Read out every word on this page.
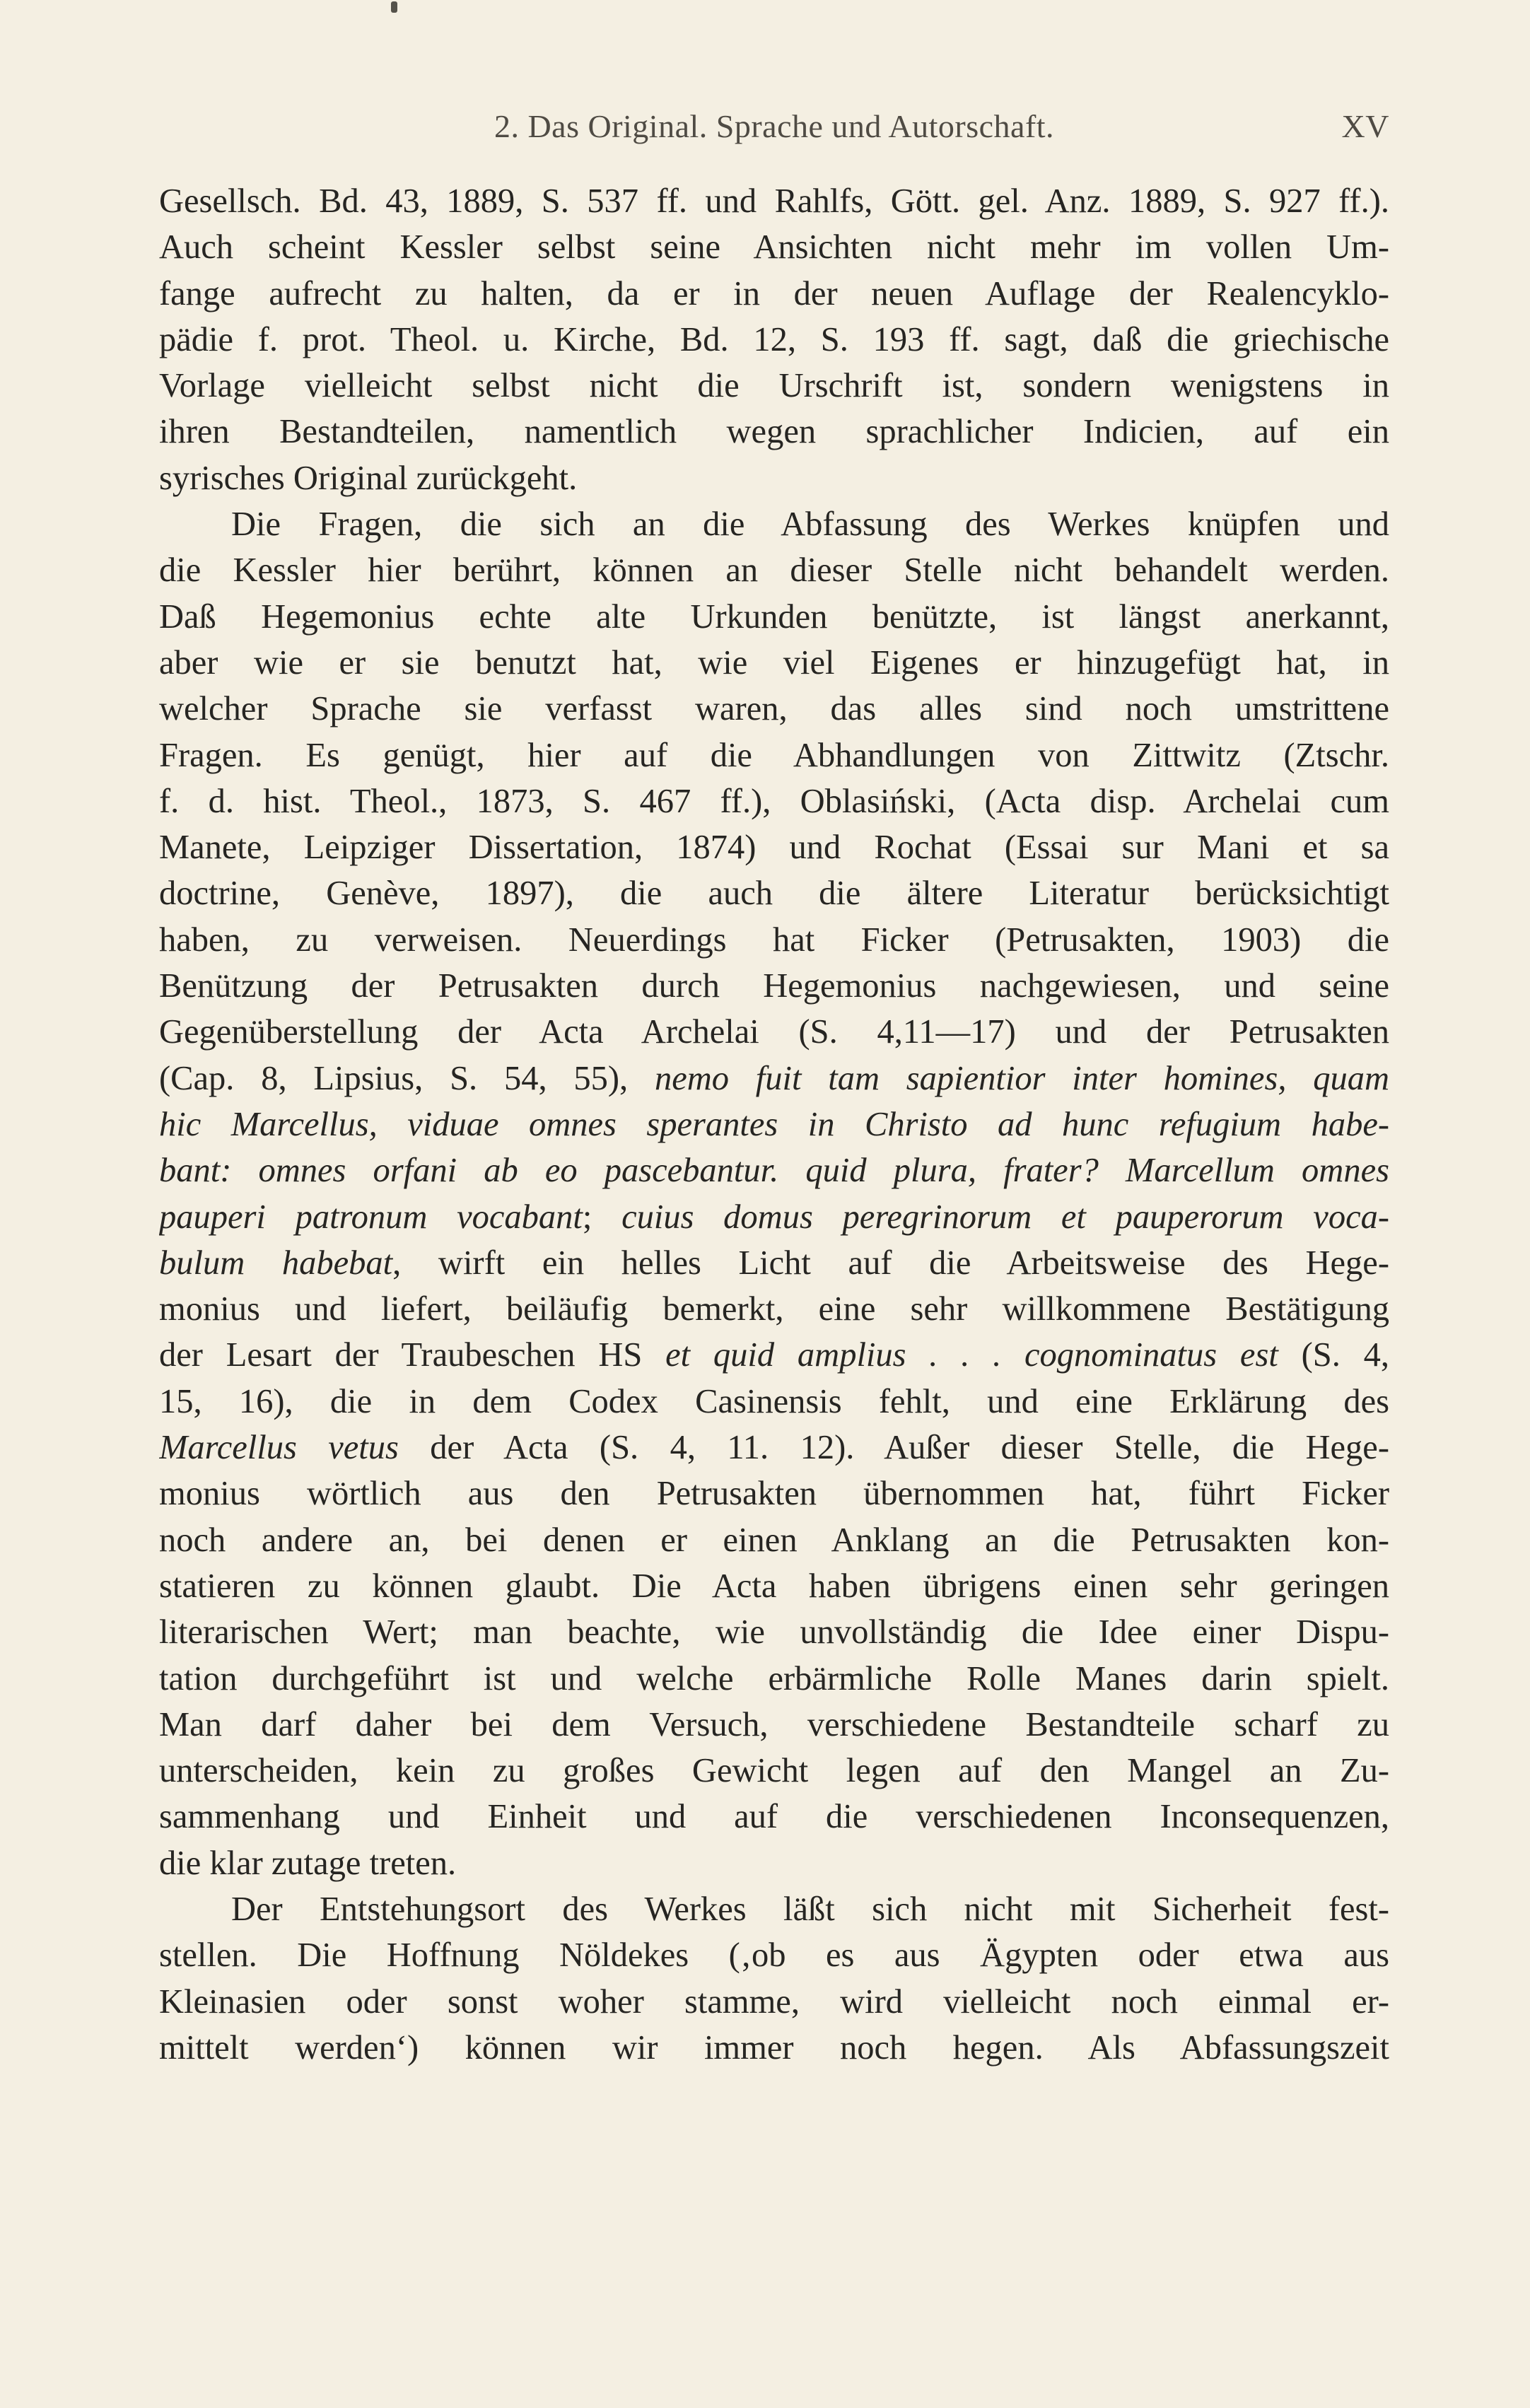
2. Das Original. Sprache und Autorschaft.	XV
Gesellsch. Bd. 43, 1889, S. 537 ff. und Rahlfs, Gött. gel. Anz. 1889, S. 927 ff.).
Auch scheint Kessler selbst seine Ansichten nicht mehr im vollen Um-
fange aufrecht zu halten, da er in der neuen Auflage der Realencyklo-
pädie f. prot. Theol. u. Kirche, Bd. 12, S. 193 ff. sagt, daß die griechische
Vorlage vielleicht selbst nicht die Urschrift ist, sondern wenigstens in
ihren Bestandteilen, namentlich wegen sprachlicher Indicien, auf ein
syrisches Original zurückgeht.
Die Fragen, die sich an die Abfassung des Werkes knüpfen und
die Kessler hier berührt, können an dieser Stelle nicht behandelt werden.
Daß Hegemonius echte alte Urkunden benützte, ist längst anerkannt,
aber wie er sie benutzt hat, wie viel Eigenes er hinzugefügt hat, in
welcher Sprache sie verfasst waren, das alles sind noch umstrittene
Fragen. Es genügt, hier auf die Abhandlungen von Zittwitz (Ztschr.
f. d. hist. Theol., 1873, S. 467 ff.), Oblasiński, (Acta disp. Archelai cum
Manete, Leipziger Dissertation, 1874) und Rochat (Essai sur Mani et sa
doctrine, Genève, 1897), die auch die ältere Literatur berücksichtigt
haben, zu verweisen. Neuerdings hat Ficker (Petrusakten, 1903) die
Benützung der Petrusakten durch Hegemonius nachgewiesen, und seine
Gegenüberstellung der Acta Archelai (S. 4,11—17) und der Petrusakten
(Cap. 8, Lipsius, S. 54, 55), nemo fuit tam sapientior inter homines, quam
hic Marcellus, viduae omnes sperantes in Christo ad hunc refugium habe-
bant: omnes orfani ab eo pascebantur. quid plura, frater? Marcellum omnes
pauperi patronum vocabant; cuius domus peregrinorum et pauperorum voca-
bulum habebat, wirft ein helles Licht auf die Arbeitsweise des Hege-
monius und liefert, beiläufig bemerkt, eine sehr willkommene Bestätigung
der Lesart der Traubeschen HS et quid amplius . . . cognominatus est (S. 4,
15, 16), die in dem Codex Casinensis fehlt, und eine Erklärung des
Marcellus vetus der Acta (S. 4, 11. 12). Außer dieser Stelle, die Hege-
monius wörtlich aus den Petrusakten übernommen hat, führt Ficker
noch andere an, bei denen er einen Anklang an die Petrusakten kon-
statieren zu können glaubt. Die Acta haben übrigens einen sehr geringen
literarischen Wert; man beachte, wie unvollständig die Idee einer Dispu-
tation durchgeführt ist und welche erbärmliche Rolle Manes darin spielt.
Man darf daher bei dem Versuch, verschiedene Bestandteile scharf zu
unterscheiden, kein zu großes Gewicht legen auf den Mangel an Zu-
sammenhang und Einheit und auf die verschiedenen Inconsequenzen,
die klar zutage treten.
Der Entstehungsort des Werkes läßt sich nicht mit Sicherheit fest-
stellen. Die Hoffnung Nöldekes (‚ob es aus Ägypten oder etwa aus
Kleinasien oder sonst woher stamme, wird vielleicht noch einmal er-
mittelt werden‘) können wir immer noch hegen. Als Abfassungszeit
